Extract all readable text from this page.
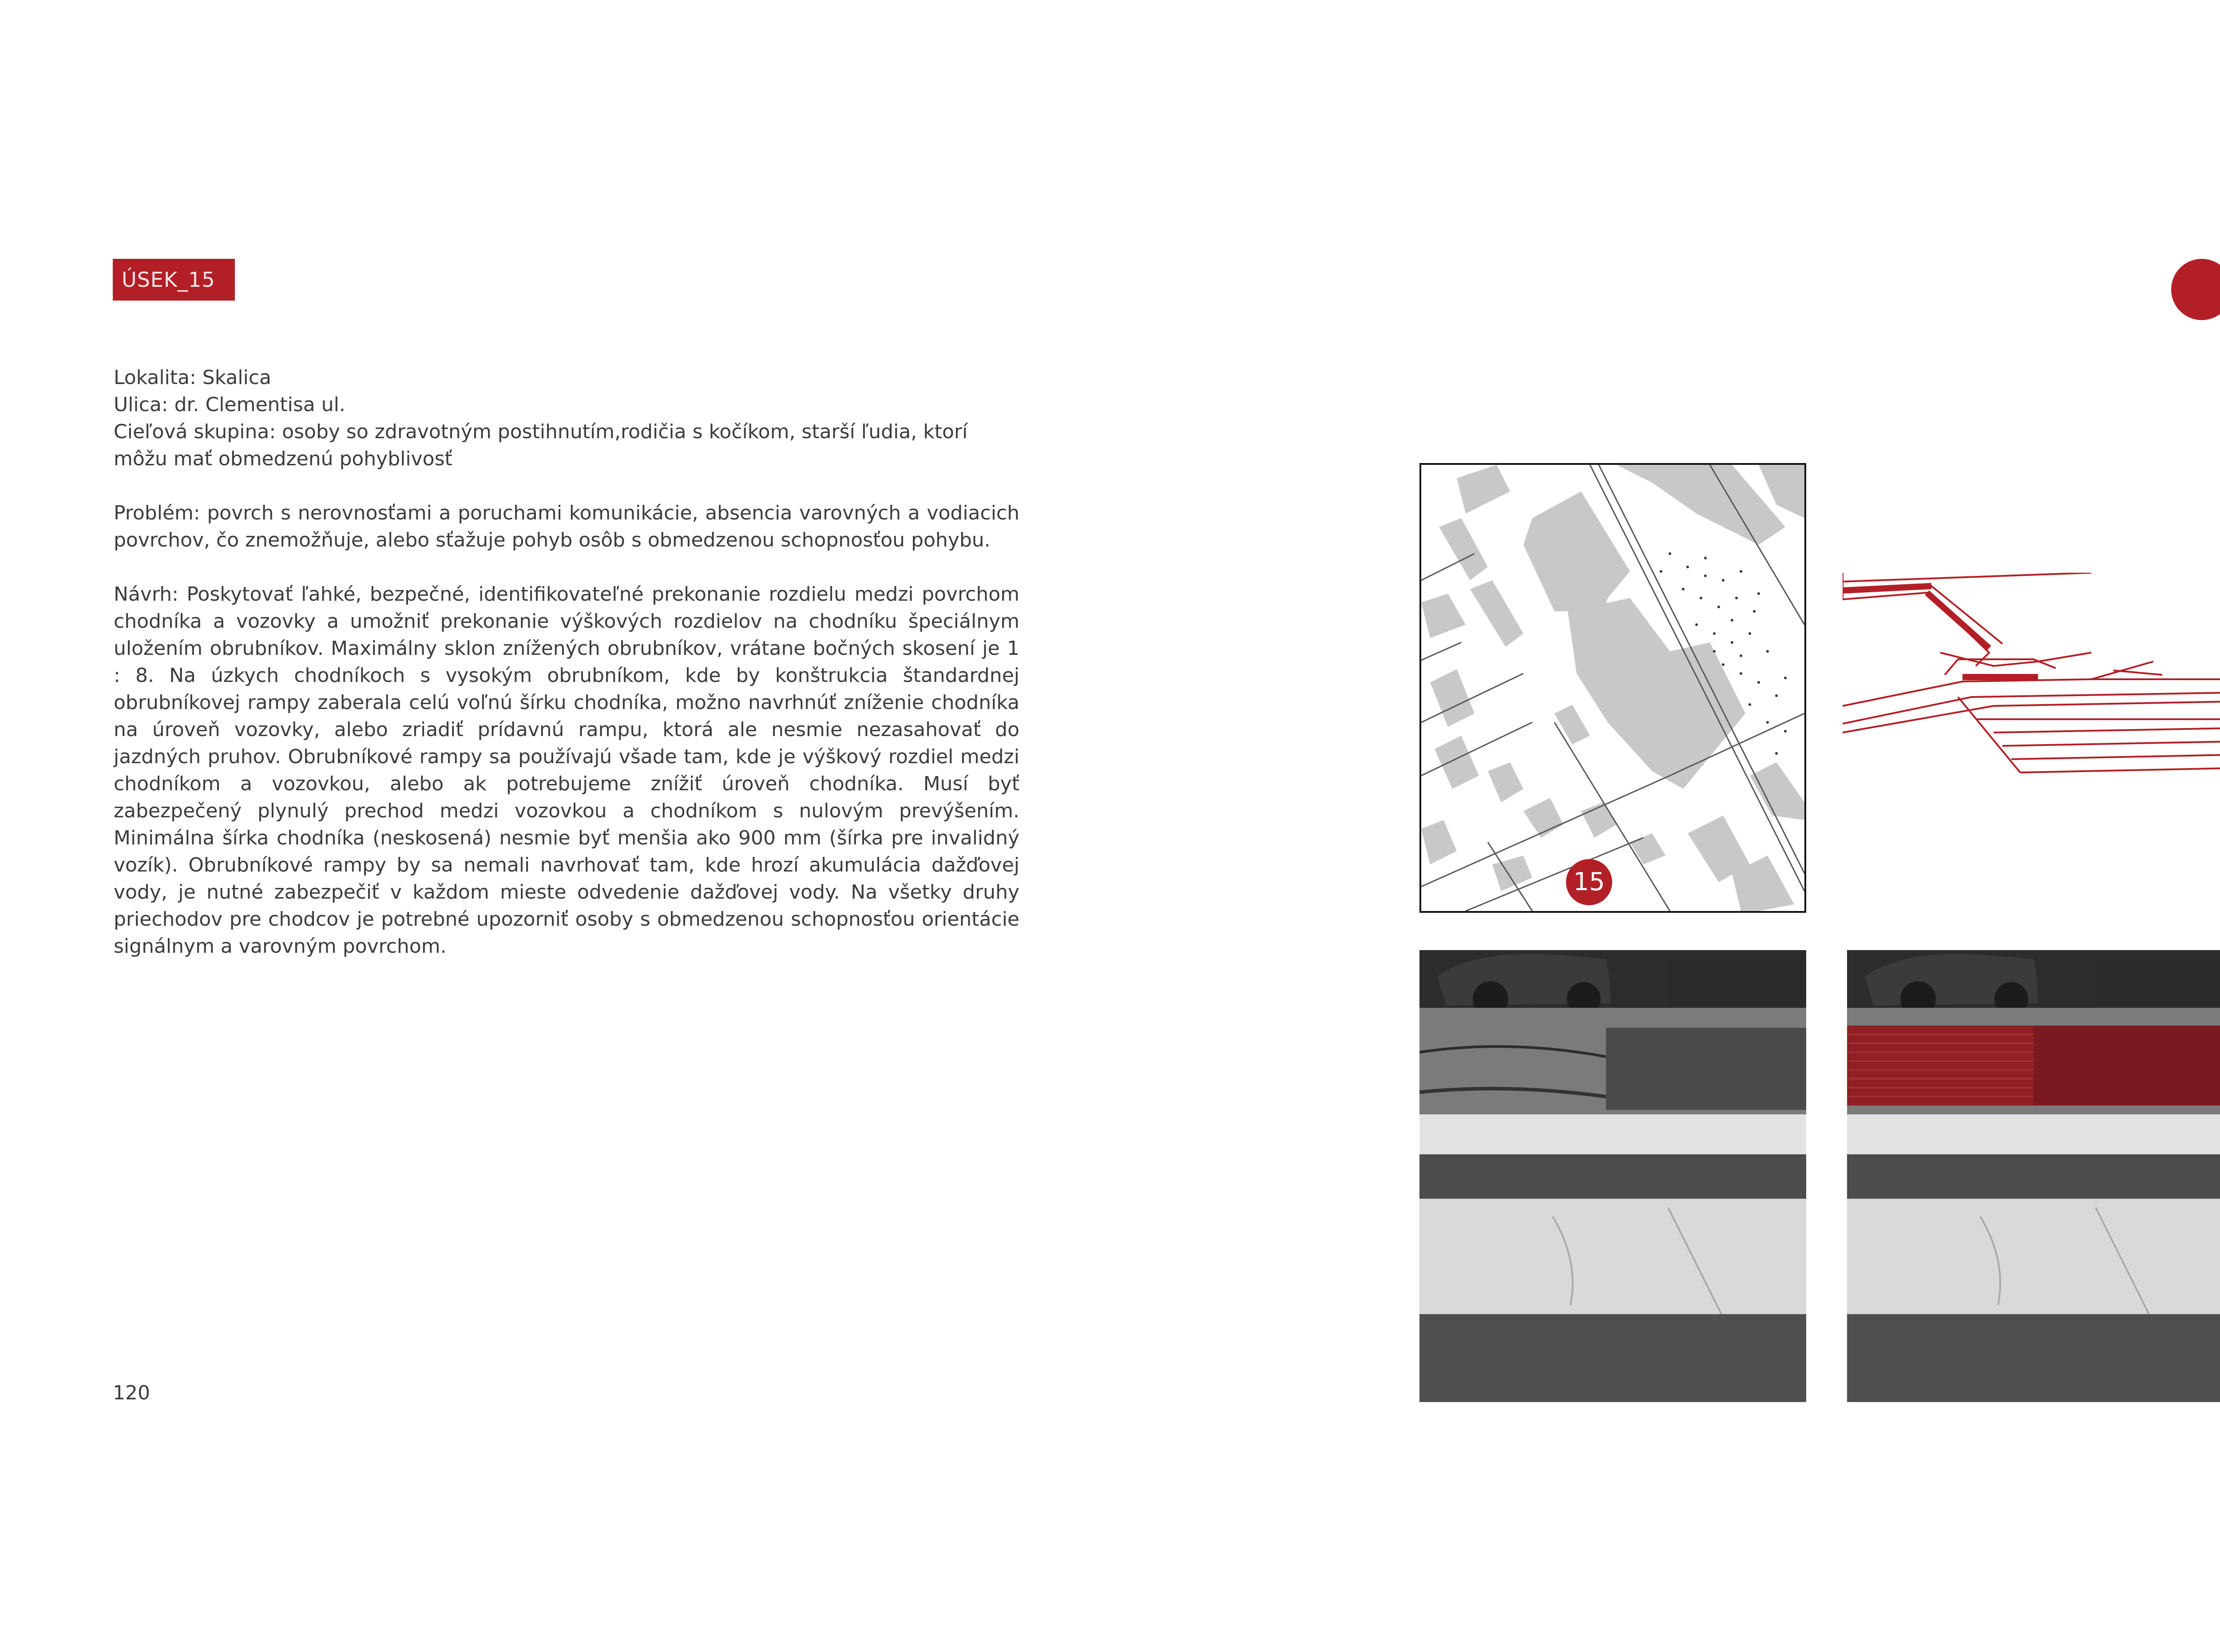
ÚSEK_15

Lokalita: Skalica

Ulica: dr. Clementisa ul.

Cieľová skupina: osoby so zdravotným postihnutím,rodičia s kočíkom, starší ľudia, ktorí môžu mať obmedzenú pohyblivosť

Problém: povrch s nerovnosťami a poruchami komunikácie, absencia varovných a vodiacich povrchov, čo znemožňuje, alebo sťažuje pohyb osôb s obmedzenou schopnosťou pohybu.

Návrh: Poskytovať ľahké, bezpečné, identifikovateľné prekonanie rozdielu medzi povrchom chodníka a vozovky a umožniť prekonanie výškových rozdielov na chodníku špeciálnym uložením obrubníkov. Maximálny sklon znížených obrubníkov, vrátane bočných skosení je 1 : 8. Na úzkych chodníkoch s vysokým obrubníkom, kde by konštrukcia štandardnej obrubníkovej rampy zaberala celú voľnú šírku chodníka, možno navrhnúť zníženie chodníka na úroveň vozovky, alebo zriadiť prídavnú rampu, ktorá ale nesmie nezasahovať do jazdných pruhov. Obrubníkové rampy sa používajú všade tam, kde je výškový rozdiel medzi chodníkom a vozovkou, alebo ak potrebujeme znížiť úroveň chodníka. Musí byť zabezpečený plynulý prechod medzi vozovkou a chodníkom s nulovým prevýšením. Minimálna šírka chodníka (neskosená) nesmie byť menšia ako 900 mm (šírka pre invalidný vozík). Obrubníkové rampy by sa nemali navrhovať tam, kde hrozí akumulácia dažďovej vody, je nutné zabezpečiť v každom mieste odvedenie dažďovej vody. Na všetky druhy priechodov pre chodcov je potrebné upozorniť osoby s obmedzenou schopnosťou orientácie signálnym a varovným povrchom.

120
15
